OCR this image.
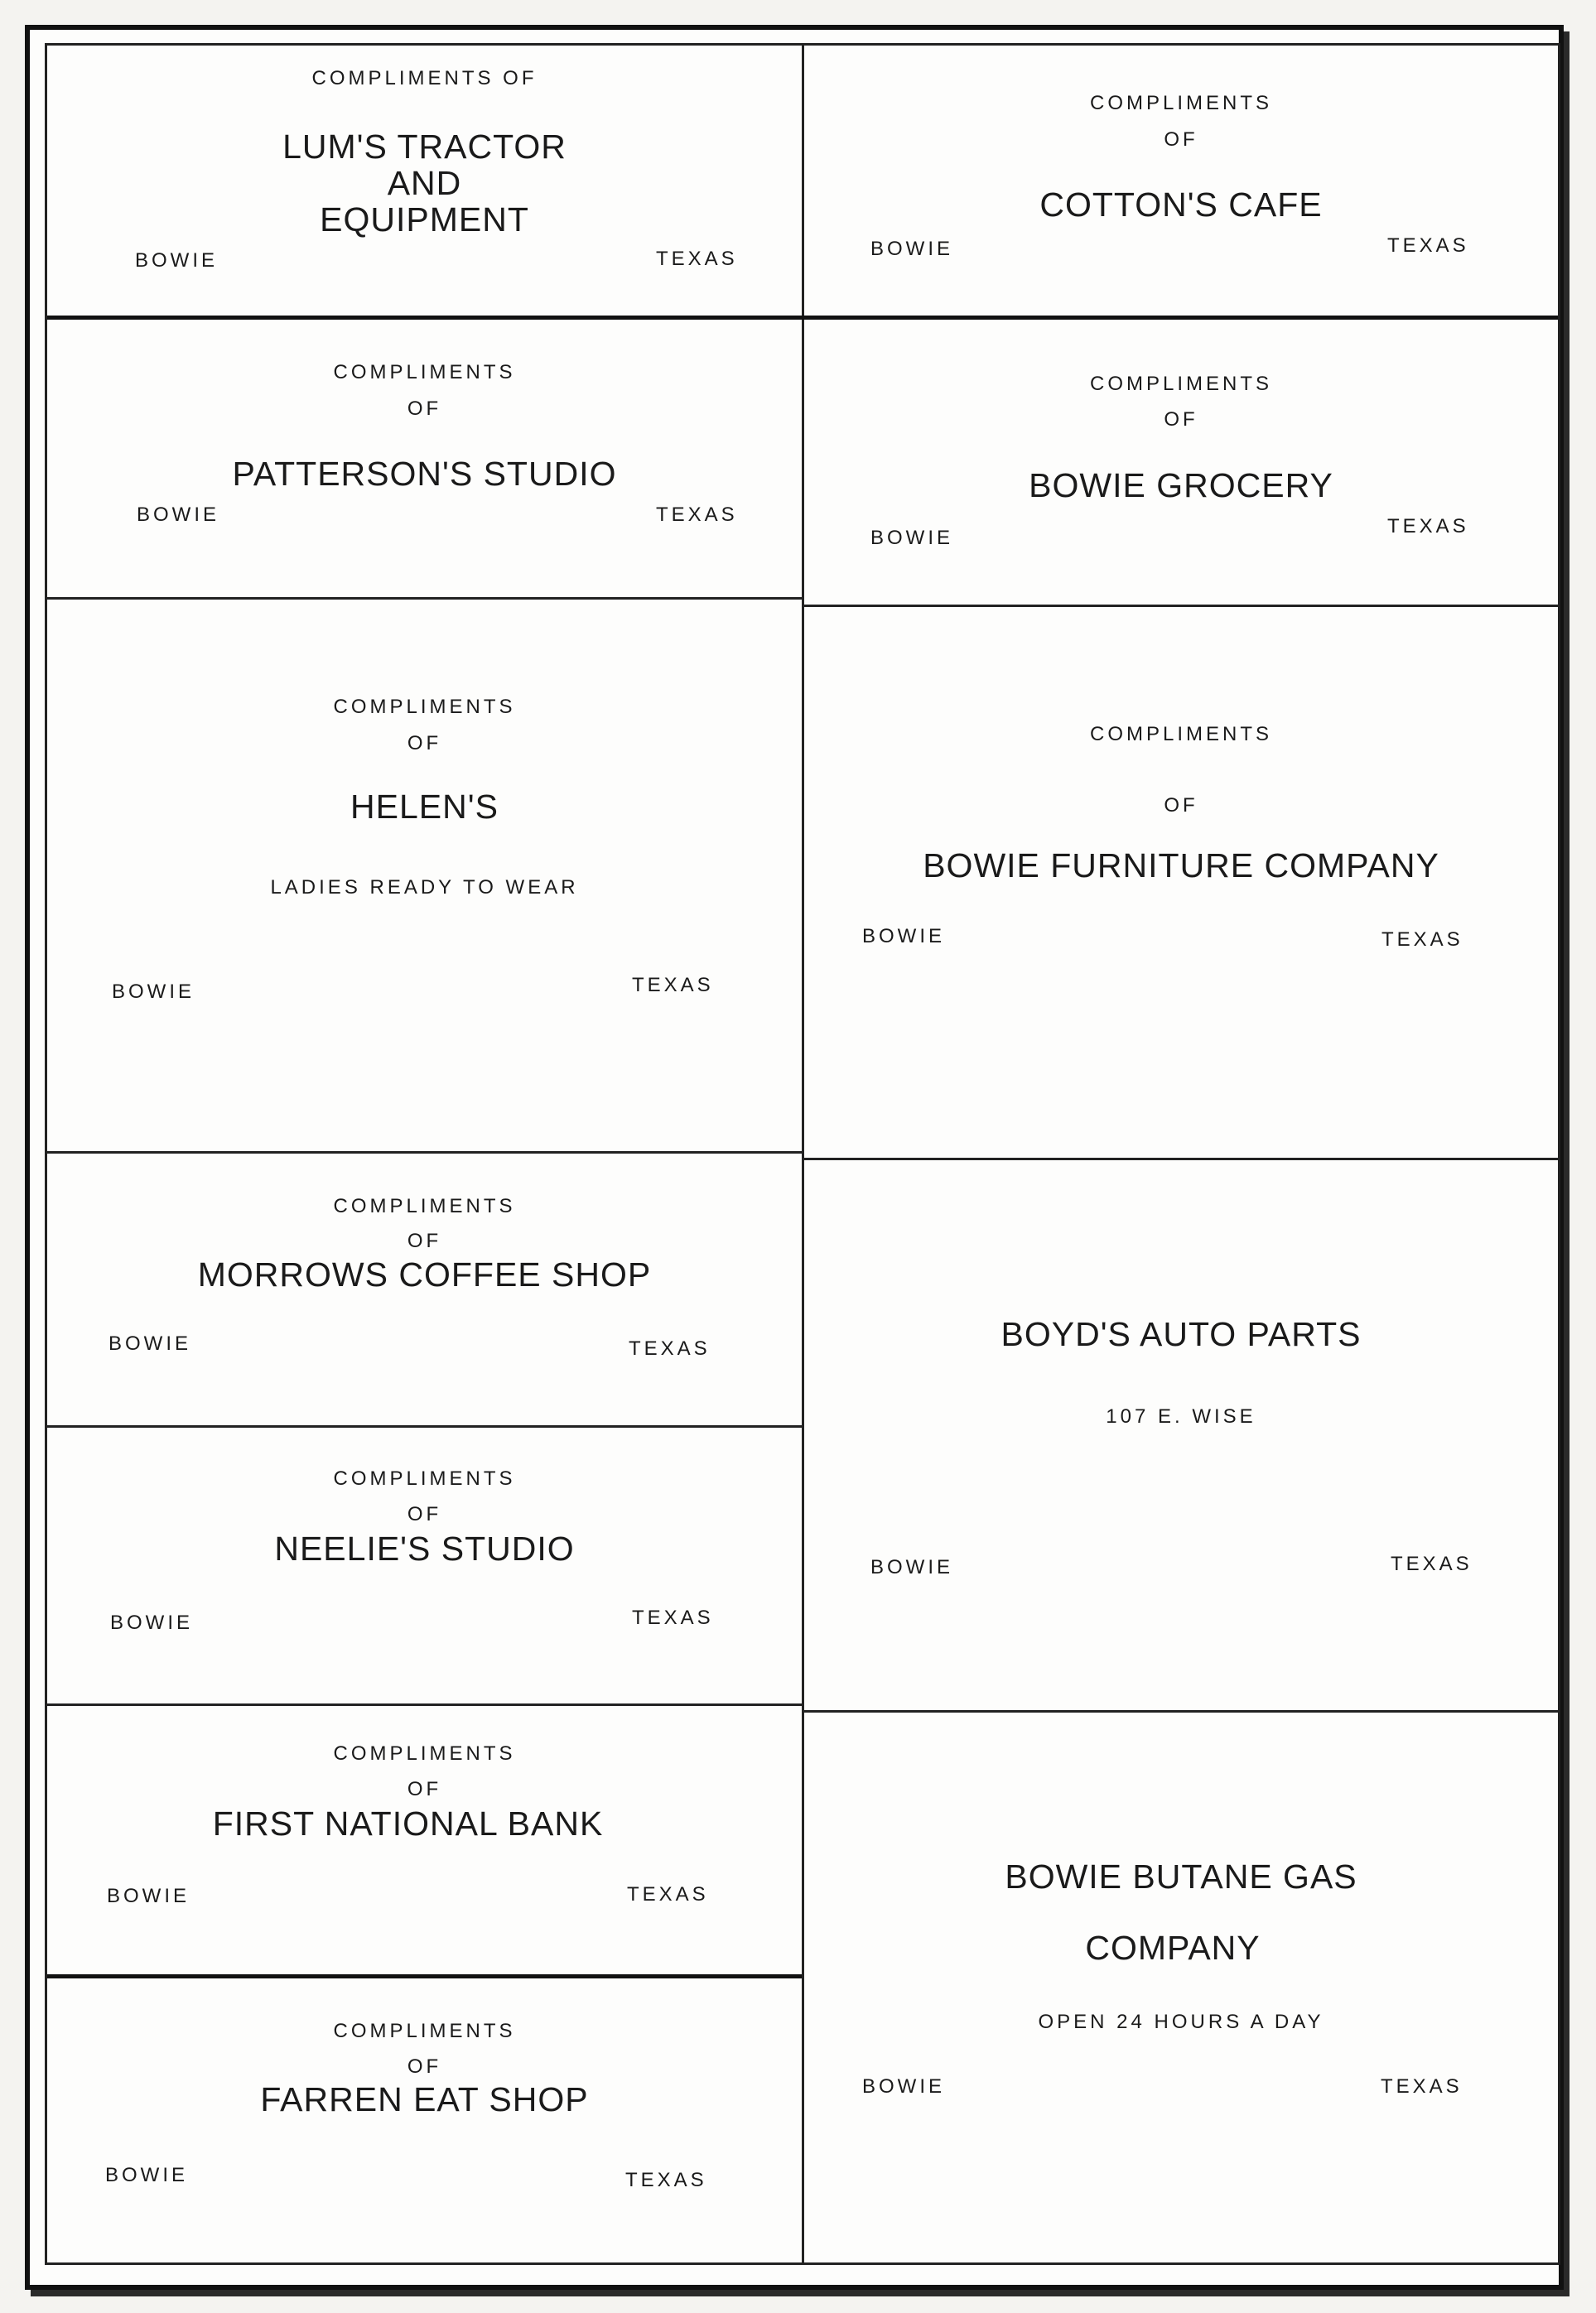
COMPLIMENTS OF

LUM'S TRACTOR

AND

EQUIPMENT

BOWIE	TEXAS

COMPLIMENTS

OF

COTTON'S CAFE

BOWIE	TEXAS

COMPLIMENTS

OF

PATTERSON'S STUDIO

BOWIE	TEXAS

COMPLIMENTS

OF

BOWIE GROCERY

BOWIE
TEXAS

COMPLIMENTS

OF

HELEN'S

LADIES READY TO WEAR

BOWIE	TEXAS

COMPLIMENTS

OF

BOWIE FURNITURE COMPANY

BOWIE	TEXAS

COMPLIMENTS

OF

MORROWS COFFEE SHOP

BOWIE	TEXAS	BOYD'S AUTO PARTS

107 E. WISE

BOWIE	TEXAS

COMPLIMENTS

OF

NEELIE'S STUDIO

BOWIE	TEXAS

COMPLIMENTS

OF

FIRST NATIONAL BANK

BOWIE	TEXAS	BOWIE BUTANE GAS

COMPANY

OPEN 24 HOURS A DAY

BOWIE	TEXAS

COMPLIMENTS

OF

FARREN EAT SHOP

BOWIE	TEXAS
